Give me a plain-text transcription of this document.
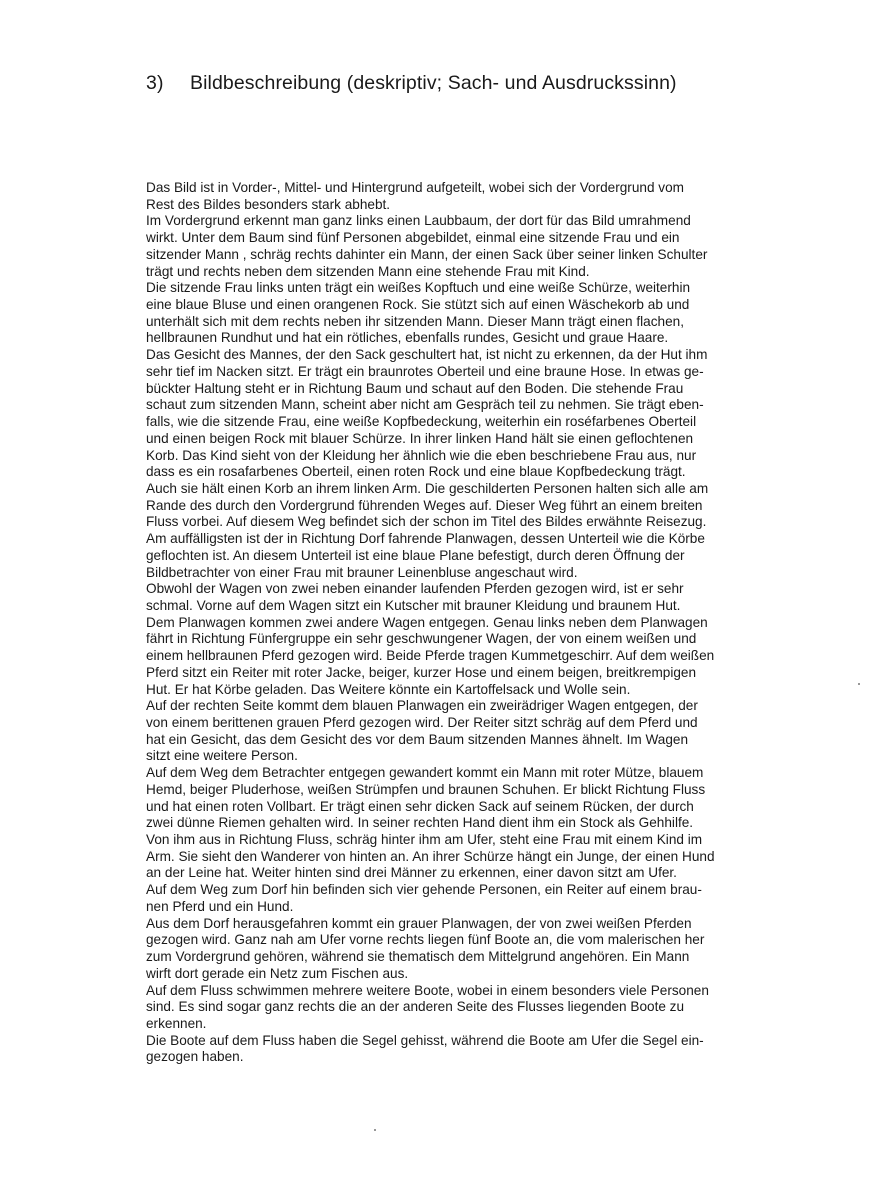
3) Bildbeschreibung (deskriptiv; Sach- und Ausdruckssinn)
Das Bild ist in Vorder-, Mittel- und Hintergrund aufgeteilt, wobei sich der Vordergrund vom
Rest des Bildes besonders stark abhebt.
Im Vordergrund erkennt man ganz links einen Laubbaum, der dort für das Bild umrahmend
wirkt. Unter dem Baum sind fünf Personen abgebildet, einmal eine sitzende Frau und ein
sitzender Mann , schräg rechts dahinter ein Mann, der einen Sack über seiner linken Schulter
trägt und rechts neben dem sitzenden Mann eine stehende Frau mit Kind.
Die sitzende Frau links unten trägt ein weißes Kopftuch und eine weiße Schürze, weiterhin
eine blaue Bluse und einen orangenen Rock. Sie stützt sich auf einen Wäschekorb ab und
unterhält sich mit dem rechts neben ihr sitzenden Mann. Dieser Mann trägt einen flachen,
hellbraunen Rundhut und hat ein rötliches, ebenfalls rundes, Gesicht und graue Haare.
Das Gesicht des Mannes, der den Sack geschultert hat, ist nicht zu erkennen, da der Hut ihm
sehr tief im Nacken sitzt. Er trägt ein braunrotes Oberteil und eine braune Hose. In etwas ge-
bückter Haltung steht er in Richtung Baum und schaut auf den Boden. Die stehende Frau
schaut zum sitzenden Mann, scheint aber nicht am Gespräch teil zu nehmen. Sie trägt eben-
falls, wie die sitzende Frau, eine weiße Kopfbedeckung, weiterhin ein roséfarbenes Oberteil
und einen beigen Rock mit blauer Schürze. In ihrer linken Hand hält sie einen geflochtenen
Korb. Das Kind sieht von der Kleidung her ähnlich wie die eben beschriebene Frau aus, nur
dass es ein rosafarbenes Oberteil, einen roten Rock und eine blaue Kopfbedeckung trägt.
Auch sie hält einen Korb an ihrem linken Arm. Die geschilderten Personen halten sich alle am
Rande des durch den Vordergrund führenden Weges auf. Dieser Weg führt an einem breiten
Fluss vorbei. Auf diesem Weg befindet sich der schon im Titel des Bildes erwähnte Reisezug.
Am auffälligsten ist der in Richtung Dorf fahrende Planwagen, dessen Unterteil wie die Körbe
geflochten ist. An diesem Unterteil ist eine blaue Plane befestigt, durch deren Öffnung der
Bildbetrachter von einer Frau mit brauner Leinenbluse angeschaut wird.
Obwohl der Wagen von zwei neben einander laufenden Pferden gezogen wird, ist er sehr
schmal. Vorne auf dem Wagen sitzt ein Kutscher mit brauner Kleidung und braunem Hut.
Dem Planwagen kommen zwei andere Wagen entgegen. Genau links neben dem Planwagen
fährt in Richtung Fünfergruppe ein sehr geschwungener Wagen, der von einem weißen und
einem hellbraunen Pferd gezogen wird. Beide Pferde tragen Kummetgeschirr. Auf dem weißen
Pferd sitzt ein Reiter mit roter Jacke, beiger, kurzer Hose und einem beigen, breitkrempigen
Hut. Er hat Körbe geladen. Das Weitere könnte ein Kartoffelsack und Wolle sein.
Auf der rechten Seite kommt dem blauen Planwagen ein zweirädriger Wagen entgegen, der
von einem berittenen grauen Pferd gezogen wird. Der Reiter sitzt schräg auf dem Pferd und
hat ein Gesicht, das dem Gesicht des vor dem Baum sitzenden Mannes ähnelt. Im Wagen
sitzt eine weitere Person.
Auf dem Weg dem Betrachter entgegen gewandert kommt ein Mann mit roter Mütze, blauem
Hemd, beiger Pluderhose, weißen Strümpfen und braunen Schuhen. Er blickt Richtung Fluss
und hat einen roten Vollbart. Er trägt einen sehr dicken Sack auf seinem Rücken, der durch
zwei dünne Riemen gehalten wird. In seiner rechten Hand dient ihm ein Stock als Gehhilfe.
Von ihm aus in Richtung Fluss, schräg hinter ihm am Ufer, steht eine Frau mit einem Kind im
Arm. Sie sieht den Wanderer von hinten an. An ihrer Schürze hängt ein Junge, der einen Hund
an der Leine hat. Weiter hinten sind drei Männer zu erkennen, einer davon sitzt am Ufer.
Auf dem Weg zum Dorf hin befinden sich vier gehende Personen, ein Reiter auf einem brau-
nen Pferd und ein Hund.
Aus dem Dorf herausgefahren kommt ein grauer Planwagen, der von zwei weißen Pferden
gezogen wird. Ganz nah am Ufer vorne rechts liegen fünf Boote an, die vom malerischen her
zum Vordergrund gehören, während sie thematisch dem Mittelgrund angehören. Ein Mann
wirft dort gerade ein Netz zum Fischen aus.
Auf dem Fluss schwimmen mehrere weitere Boote, wobei in einem besonders viele Personen
sind. Es sind sogar ganz rechts die an der anderen Seite des Flusses liegenden Boote zu
erkennen.
Die Boote auf dem Fluss haben die Segel gehisst, während die Boote am Ufer die Segel ein-
gezogen haben.
